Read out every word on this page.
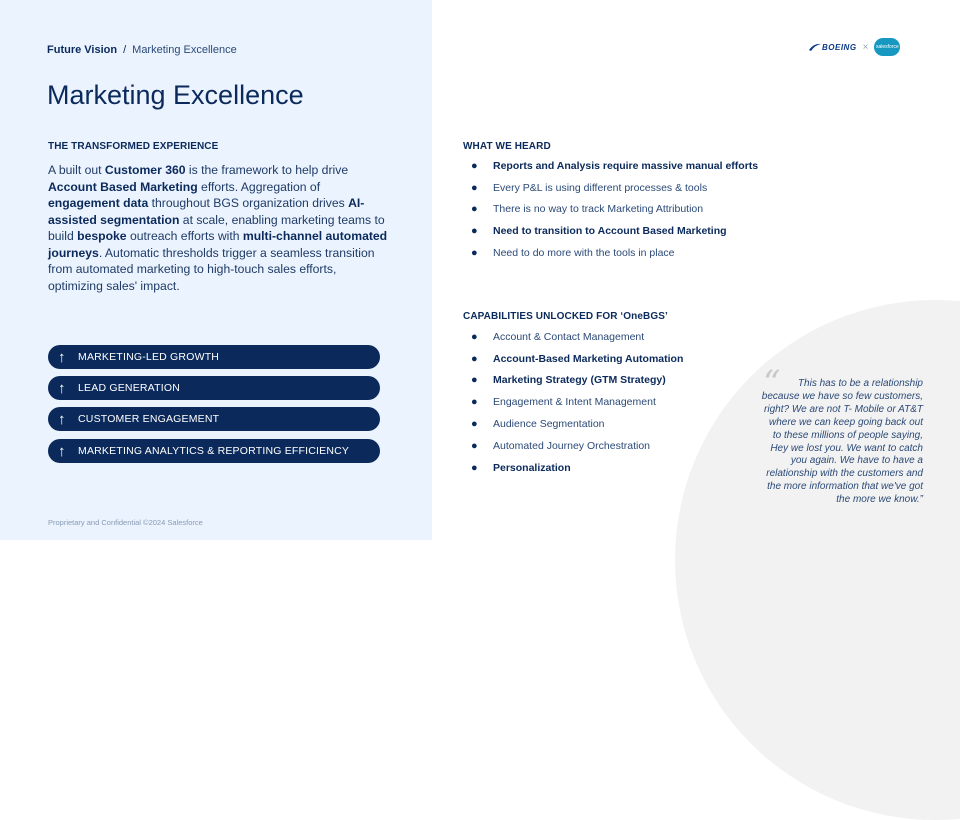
Future Vision / Marketing Excellence
Marketing Excellence
THE TRANSFORMED EXPERIENCE
A built out Customer 360 is the framework to help drive Account Based Marketing efforts. Aggregation of engagement data throughout BGS organization drives AI-assisted segmentation at scale, enabling marketing teams to build bespoke outreach efforts with multi-channel automated journeys. Automatic thresholds trigger a seamless transition from automated marketing to high-touch sales efforts, optimizing sales' impact.
↑	MARKETING-LED GROWTH
↑	LEAD GENERATION
↑	CUSTOMER ENGAGEMENT
↑	MARKETING ANALYTICS & REPORTING EFFICIENCY
Proprietary and Confidential ©2024 Salesforce
BOEING × salesforce
WHAT WE HEARD
●	Reports and Analysis require massive manual efforts
●	Every P&L is using different processes & tools
●	There is no way to track Marketing Attribution
●	Need to transition to Account Based Marketing
●	Need to do more with the tools in place
CAPABILITIES UNLOCKED FOR ‘OneBGS’
●	Account & Contact Management
●	Account-Based Marketing Automation
●	Marketing Strategy (GTM Strategy)
●	Engagement & Intent Management
●	Audience Segmentation
●	Automated Journey Orchestration
●	Personalization
“	This has to be a relationship
because we have so few customers,
right? We are not T- Mobile or AT&T
where we can keep going back out
to these millions of people saying,
Hey we lost you. We want to catch
you again. We have to have a
relationship with the customers and
the more information that we've got
the more we know.”
